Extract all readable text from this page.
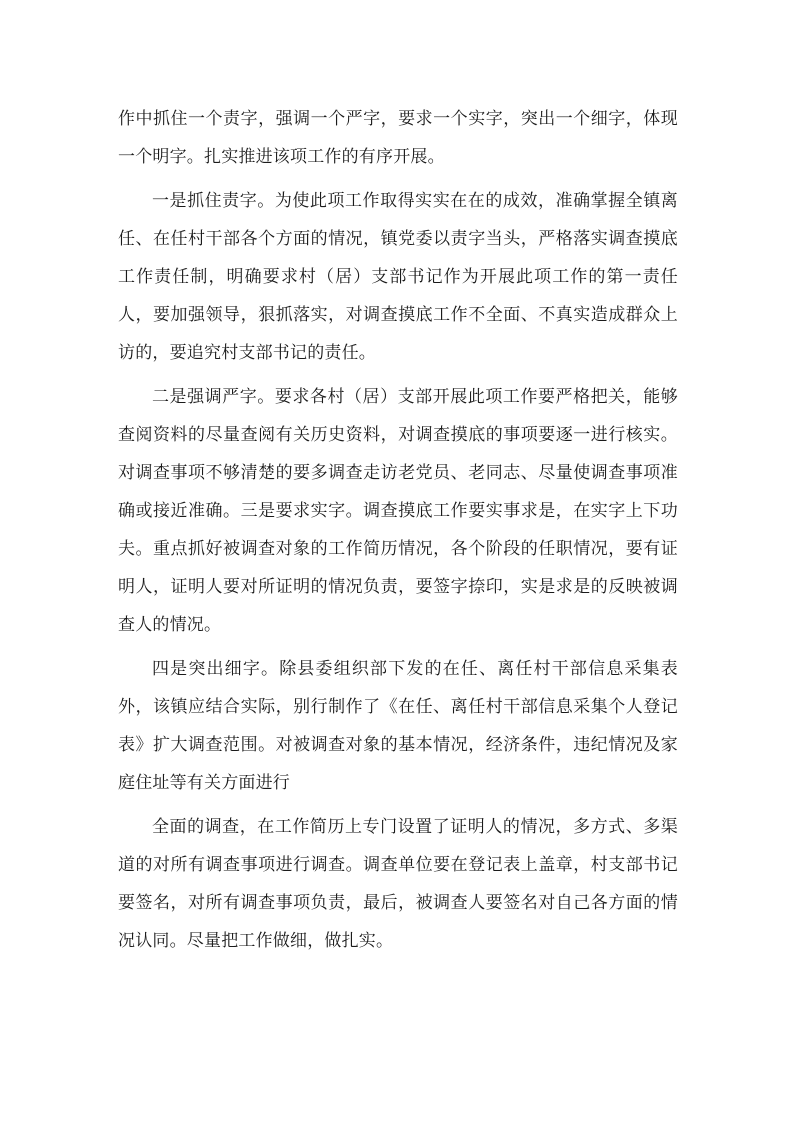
作中抓住一个责字，强调一个严字，要求一个实字，突出一个细字，体现一个明字。扎实推进该项工作的有序开展。

一是抓住责字。为使此项工作取得实实在在的成效，准确掌握全镇离任、在任村干部各个方面的情况，镇党委以责字当头，严格落实调查摸底工作责任制，明确要求村（居）支部书记作为开展此项工作的第一责任人，要加强领导，狠抓落实，对调查摸底工作不全面、不真实造成群众上访的，要追究村支部书记的责任。

二是强调严字。要求各村（居）支部开展此项工作要严格把关，能够查阅资料的尽量查阅有关历史资料，对调查摸底的事项要逐一进行核实。对调查事项不够清楚的要多调查走访老党员、老同志、尽量使调查事项准确或接近准确。三是要求实字。调查摸底工作要实事求是，在实字上下功夫。重点抓好被调查对象的工作简历情况，各个阶段的任职情况，要有证明人，证明人要对所证明的情况负责，要签字捺印，实是求是的反映被调查人的情况。

四是突出细字。除县委组织部下发的在任、离任村干部信息采集表外，该镇应结合实际，别行制作了《在任、离任村干部信息采集个人登记表》扩大调查范围。对被调查对象的基本情况，经济条件，违纪情况及家庭住址等有关方面进行

全面的调查，在工作简历上专门设置了证明人的情况，多方式、多渠道的对所有调查事项进行调查。调查单位要在登记表上盖章，村支部书记要签名，对所有调查事项负责，最后，被调查人要签名对自己各方面的情况认同。尽量把工作做细，做扎实。
